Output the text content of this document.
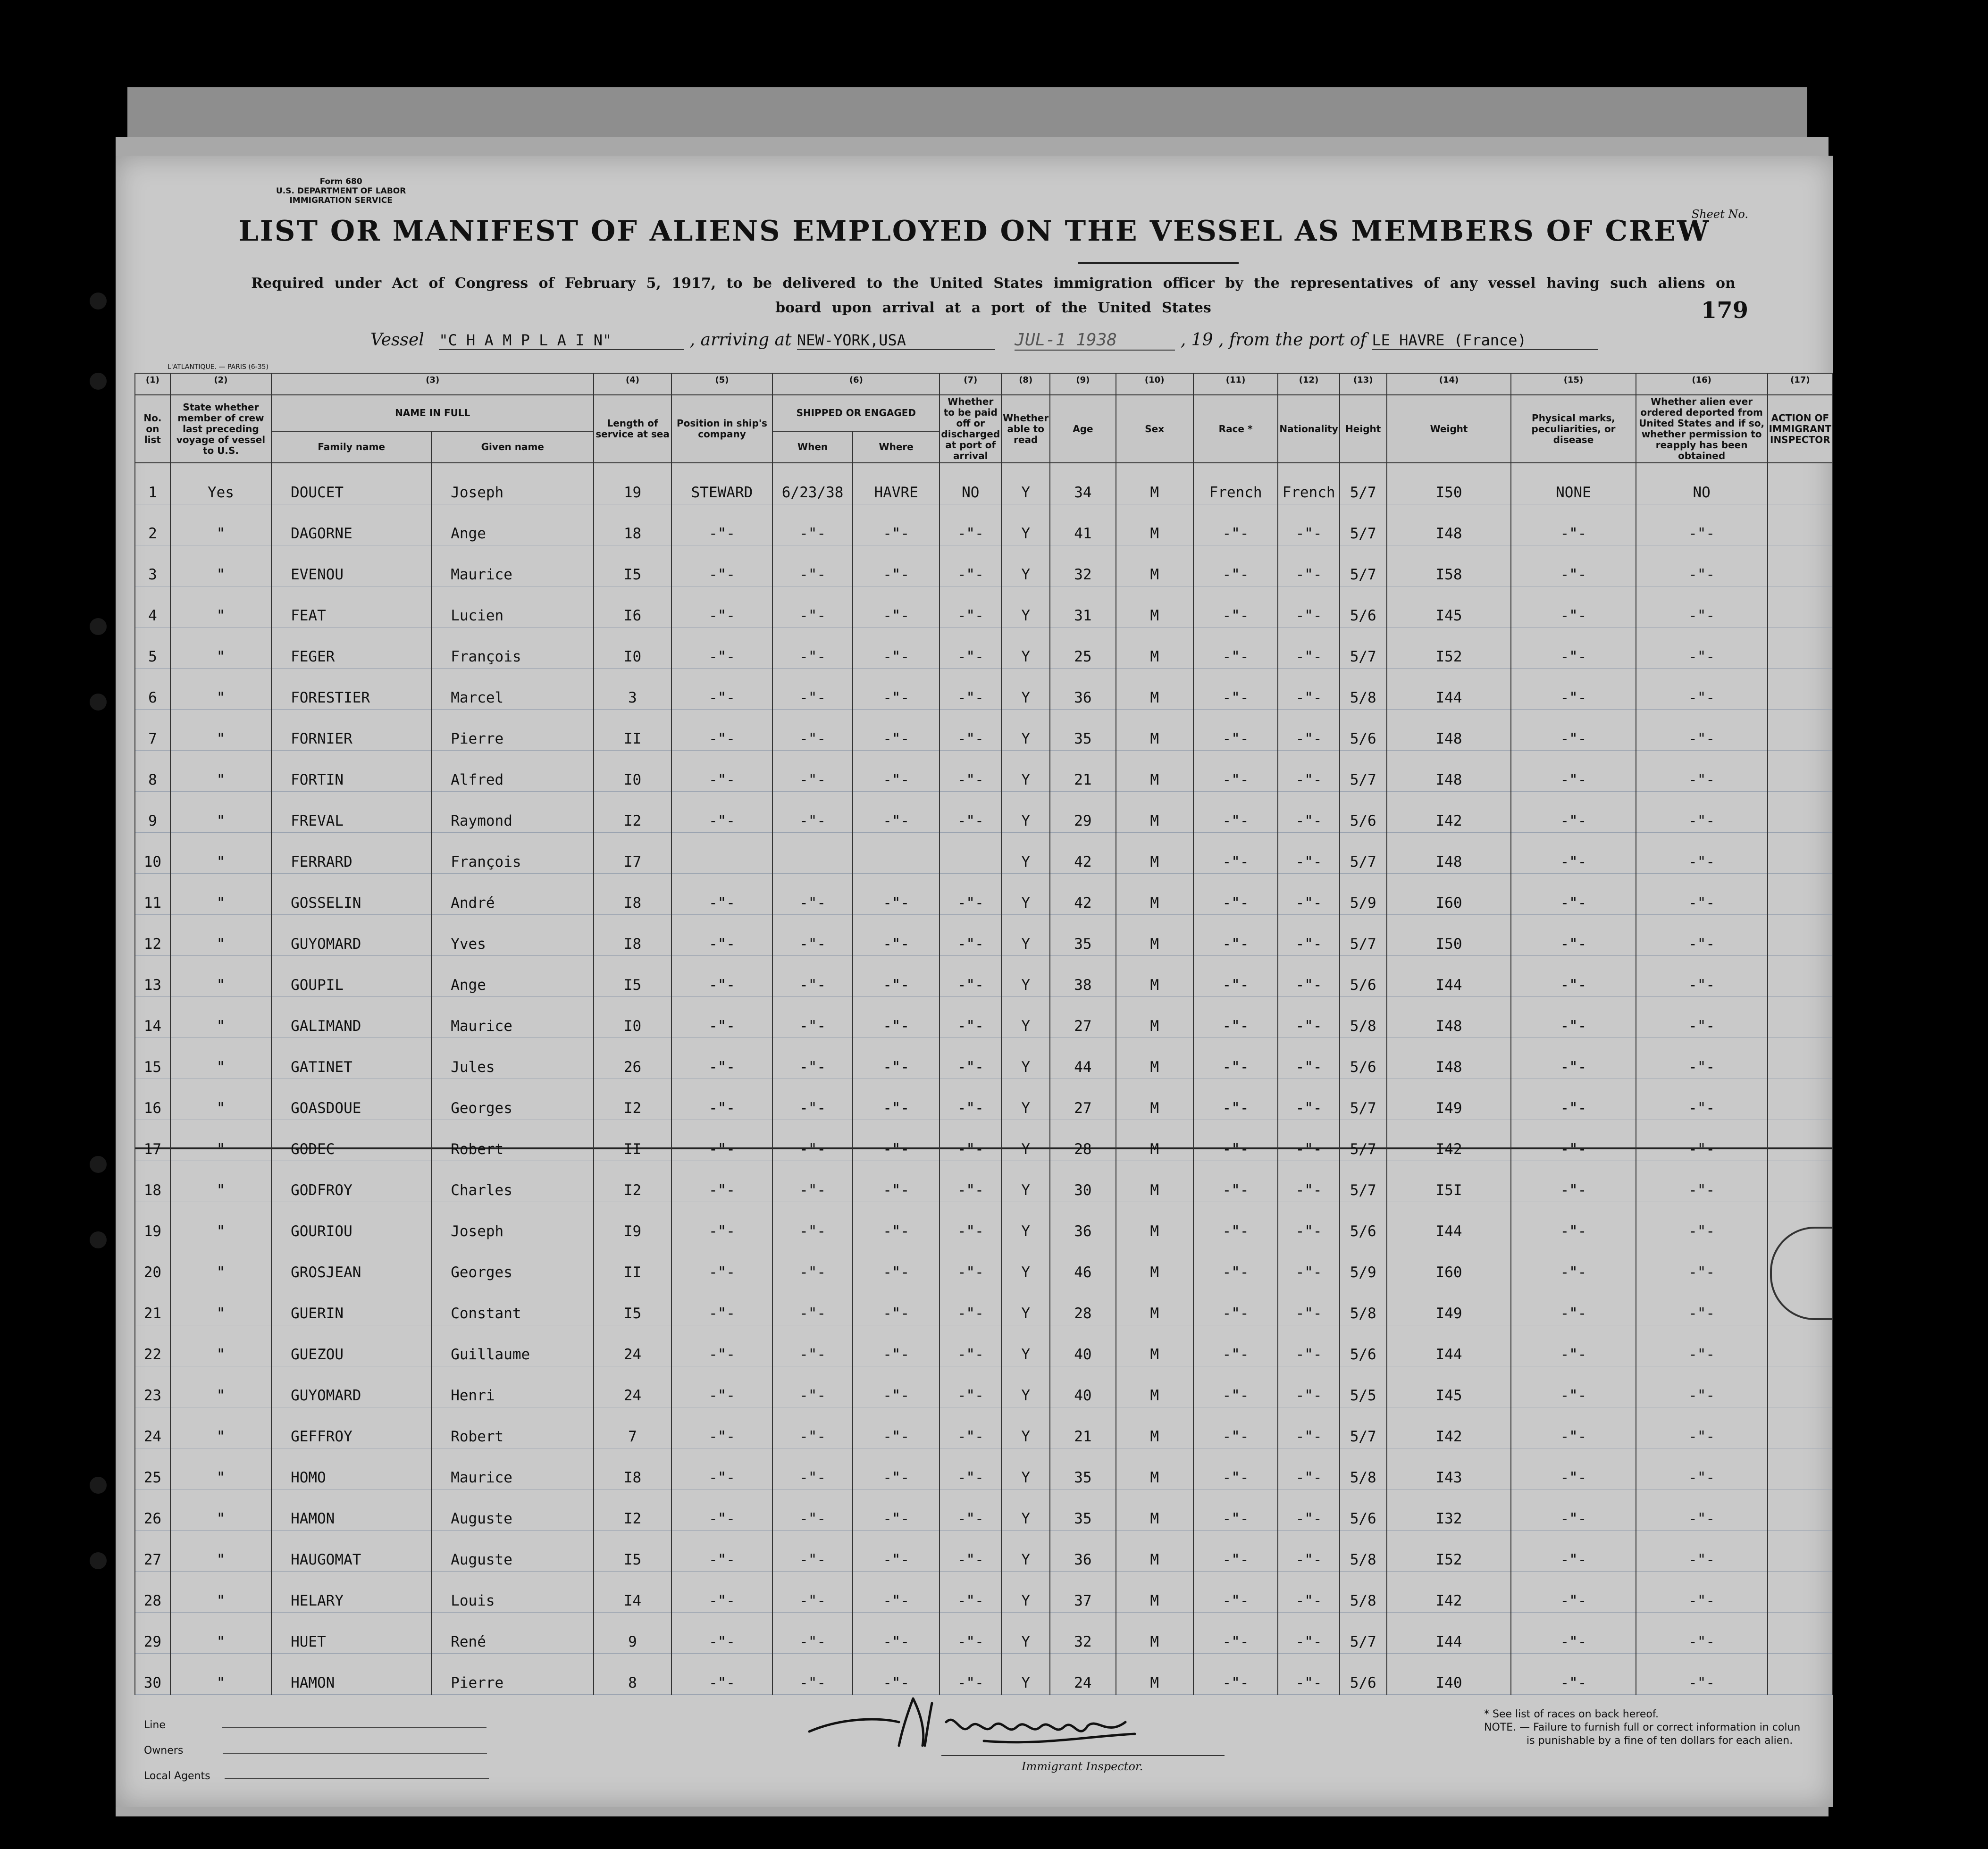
Form 680
U.S. DEPARTMENT OF LABOR
IMMIGRATION SERVICE
Sheet No.
LIST OR MANIFEST OF ALIENS EMPLOYED ON THE VESSEL AS MEMBERS OF CREW
Required under Act of Congress of February 5, 1917, to be delivered to the United States immigration officer by the representatives of any vessel having such aliens on board upon arrival at a port of the United States	179
Vessel "C H A M P L A I N"	, arriving at NEW-YORK,USA	JUL-1 1938	, 19 , from the port of LE HAVRE (France)
L'ATLANTIQUE. — PARIS (6-35)
(1)	(2)	(3)		(4)	(5)	(6)		(7)	(8)	(9)	(10)	(11)	(12)	(13)	(14)	(15)	(16)	(17)
No. on list	State whether member of crew last preceding voyage of vessel to U.S.	NAME IN FULL		Length of service at sea	Position in ship's company	SHIPPED OR ENGAGED		Whether to be paid off or discharged at port of arrival	Whether able to read	Age	Sex	Race *	Nationality	Height	Weight	Physical marks, peculiarities, or disease	Whether alien ever ordered deported from United States and if so, whether permission to reapply has been obtained	ACTION OF IMMIGRANT INSPECTOR
		Family name	Given name			When	Where											
1	Yes	DOUCET	Joseph	19	STEWARD	6/23/38	HAVRE	NO	Y	34	M	French	French	5/7	I50	NONE	NO	
2	"	DAGORNE	Ange	18	-"-	-"-	-"-	-"-	Y	41	M	-"-	-"-	5/7	I48	-"-	-"-	
3	"	EVENOU	Maurice	I5	-"-	-"-	-"-	-"-	Y	32	M	-"-	-"-	5/7	I58	-"-	-"-	
4	"	FEAT	Lucien	I6	-"-	-"-	-"-	-"-	Y	31	M	-"-	-"-	5/6	I45	-"-	-"-	
5	"	FEGER	François	I0	-"-	-"-	-"-	-"-	Y	25	M	-"-	-"-	5/7	I52	-"-	-"-	
6	"	FORESTIER	Marcel	3	-"-	-"-	-"-	-"-	Y	36	M	-"-	-"-	5/8	I44	-"-	-"-	
7	"	FORNIER	Pierre	II	-"-	-"-	-"-	-"-	Y	35	M	-"-	-"-	5/6	I48	-"-	-"-	
8	"	FORTIN	Alfred	I0	-"-	-"-	-"-	-"-	Y	21	M	-"-	-"-	5/7	I48	-"-	-"-	
9	"	FREVAL	Raymond	I2	-"-	-"-	-"-	-"-	Y	29	M	-"-	-"-	5/6	I42	-"-	-"-	
10	"	FERRARD	François	I7					Y	42	M	-"-	-"-	5/7	I48	-"-	-"-	
11	"	GOSSELIN	André	I8	-"-	-"-	-"-	-"-	Y	42	M	-"-	-"-	5/9	I60	-"-	-"-	
12	"	GUYOMARD	Yves	I8	-"-	-"-	-"-	-"-	Y	35	M	-"-	-"-	5/7	I50	-"-	-"-	
13	"	GOUPIL	Ange	I5	-"-	-"-	-"-	-"-	Y	38	M	-"-	-"-	5/6	I44	-"-	-"-	
14	"	GALIMAND	Maurice	I0	-"-	-"-	-"-	-"-	Y	27	M	-"-	-"-	5/8	I48	-"-	-"-	
15	"	GATINET	Jules	26	-"-	-"-	-"-	-"-	Y	44	M	-"-	-"-	5/6	I48	-"-	-"-	
16	"	GOASDOUE	Georges	I2	-"-	-"-	-"-	-"-	Y	27	M	-"-	-"-	5/7	I49	-"-	-"-	
17	"	GODEC	Robert	II	-"-	-"-	-"-	-"-	Y	28	M	-"-	-"-	5/7	I42	-"-	-"-	
18	"	GODFROY	Charles	I2	-"-	-"-	-"-	-"-	Y	30	M	-"-	-"-	5/7	I5I	-"-	-"-	
19	"	GOURIOU	Joseph	I9	-"-	-"-	-"-	-"-	Y	36	M	-"-	-"-	5/6	I44	-"-	-"-	
20	"	GROSJEAN	Georges	II	-"-	-"-	-"-	-"-	Y	46	M	-"-	-"-	5/9	I60	-"-	-"-	
21	"	GUERIN	Constant	I5	-"-	-"-	-"-	-"-	Y	28	M	-"-	-"-	5/8	I49	-"-	-"-	
22	"	GUEZOU	Guillaume	24	-"-	-"-	-"-	-"-	Y	40	M	-"-	-"-	5/6	I44	-"-	-"-	
23	"	GUYOMARD	Henri	24	-"-	-"-	-"-	-"-	Y	40	M	-"-	-"-	5/5	I45	-"-	-"-	
24	"	GEFFROY	Robert	7	-"-	-"-	-"-	-"-	Y	21	M	-"-	-"-	5/7	I42	-"-	-"-	
25	"	HOMO	Maurice	I8	-"-	-"-	-"-	-"-	Y	35	M	-"-	-"-	5/8	I43	-"-	-"-	
26	"	HAMON	Auguste	I2	-"-	-"-	-"-	-"-	Y	35	M	-"-	-"-	5/6	I32	-"-	-"-	
27	"	HAUGOMAT	Auguste	I5	-"-	-"-	-"-	-"-	Y	36	M	-"-	-"-	5/8	I52	-"-	-"-	
28	"	HELARY	Louis	I4	-"-	-"-	-"-	-"-	Y	37	M	-"-	-"-	5/8	I42	-"-	-"-	
29	"	HUET	René	9	-"-	-"-	-"-	-"-	Y	32	M	-"-	-"-	5/7	I44	-"-	-"-	
30	"	HAMON	Pierre	8	-"-	-"-	-"-	-"-	Y	24	M	-"-	-"-	5/6	I40	-"-	-"-	
Line
Owners
Local Agents
Immigrant Inspector.
* See list of races on back hereof.
NOTE. — Failure to furnish full or correct information in colun
is punishable by a fine of ten dollars for each alien.
